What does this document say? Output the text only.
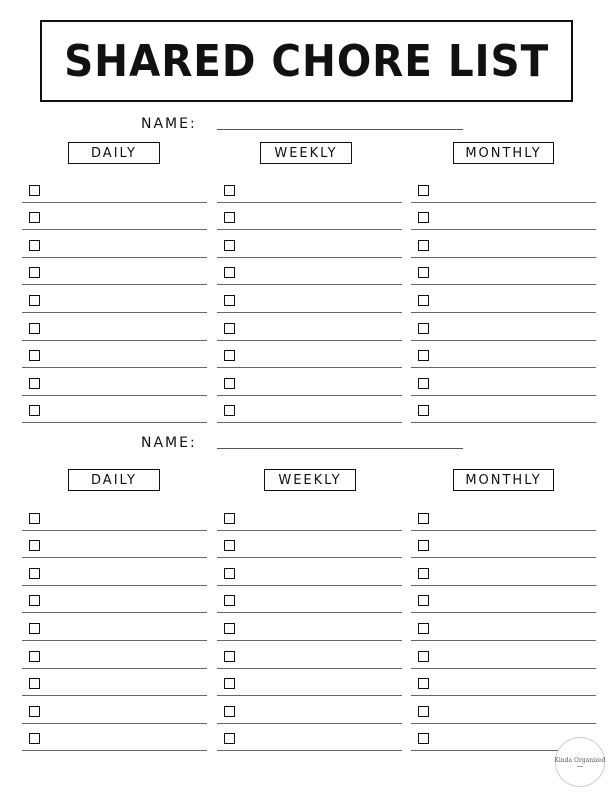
SHARED CHORE LIST
NAME:
DAILY	WEEKLY	MONTHLY
NAME:
DAILY	WEEKLY	MONTHLY
Kinda Organized
